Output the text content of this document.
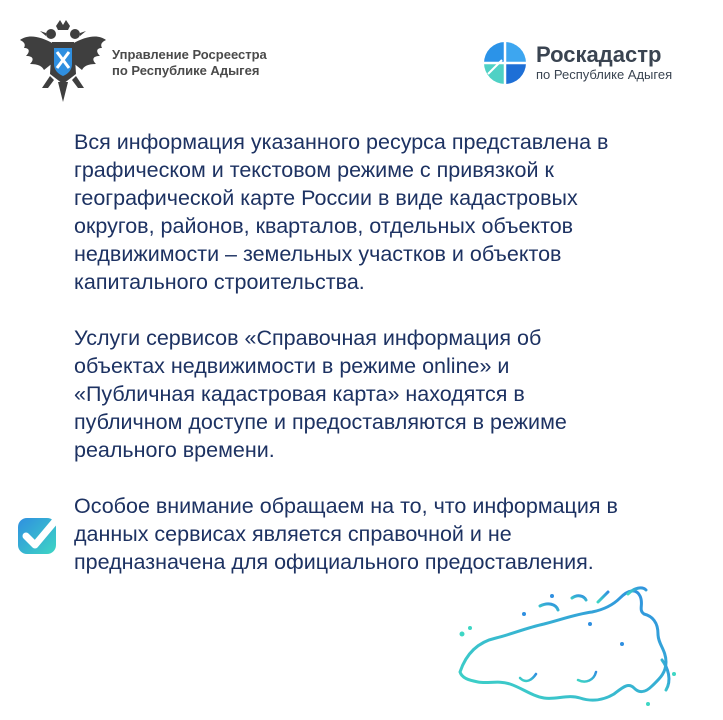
Управление Росреестра
по Республике Адыгея
Роскадастр
по Республике Адыгея
Вся информация указанного ресурса представлена в
графическом и текстовом режиме с привязкой к
географической карте России в виде кадастровых
округов, районов, кварталов, отдельных объектов
недвижимости – земельных участков и объектов
капитального строительства.
Услуги сервисов «Справочная информация об
объектах недвижимости в режиме online» и
«Публичная кадастровая карта» находятся в
публичном доступе и предоставляются в режиме
реального времени.
Особое внимание обращаем на то, что информация в
данных сервисах является справочной и не
предназначена для официального предоставления.
